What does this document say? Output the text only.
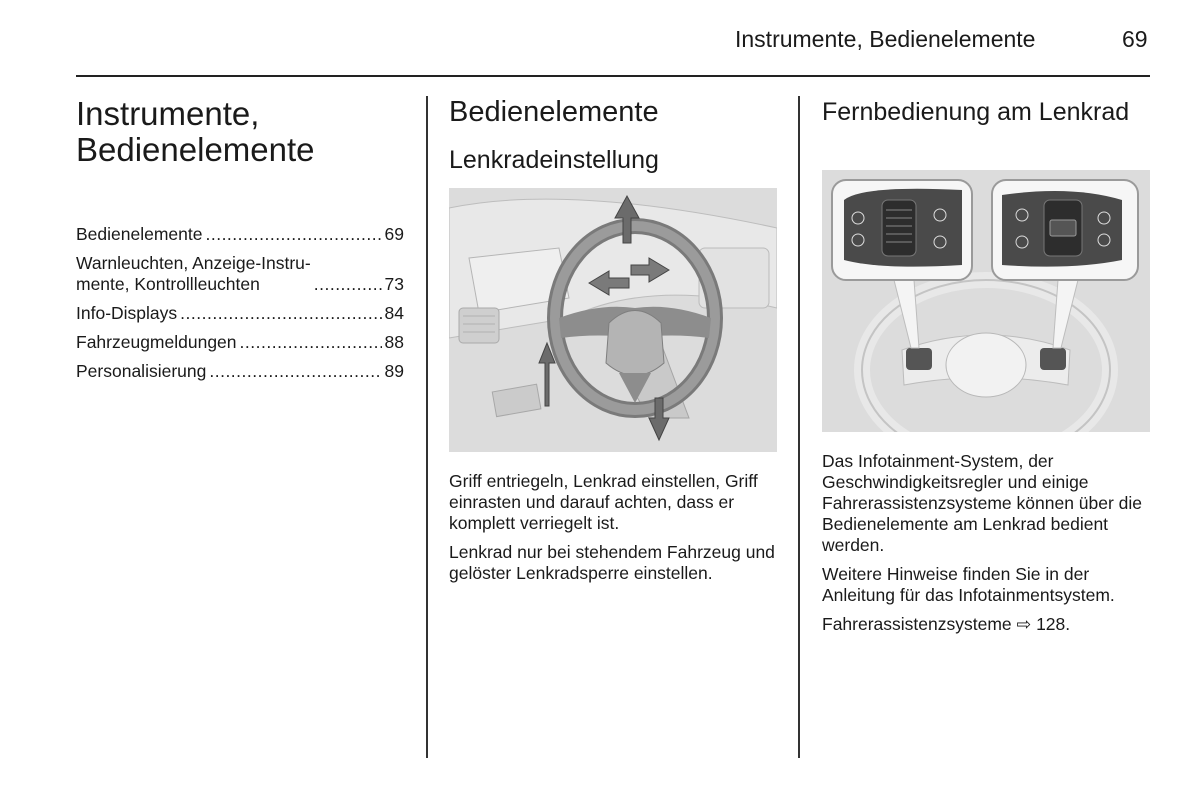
Instrumente, Bedienelemente	69
Instrumente, Bedienelemente
Bedienelemente .....	69
Warnleuchten, Anzeige-Instru-
mente, Kontrollleuchten .....	73
Info-Displays .....	84
Fahrzeugmeldungen .....	88
Personalisierung .....	89
Bedienelemente
Lenkradeinstellung

Griff entriegeln, Lenkrad einstellen, Griff einrasten und darauf achten, dass er komplett verriegelt ist.

Lenkrad nur bei stehendem Fahrzeug und gelöster Lenkradsperre einstellen.

Fernbedienung am Lenkrad

Das Infotainment-System, der Geschwindigkeitsregler und einige Fahrerassistenzsysteme können über die Bedienelemente am Lenkrad bedient werden.

Weitere Hinweise finden Sie in der Anleitung für das Infotainmentsystem.

Fahrerassistenzsysteme ⇨ 128.
